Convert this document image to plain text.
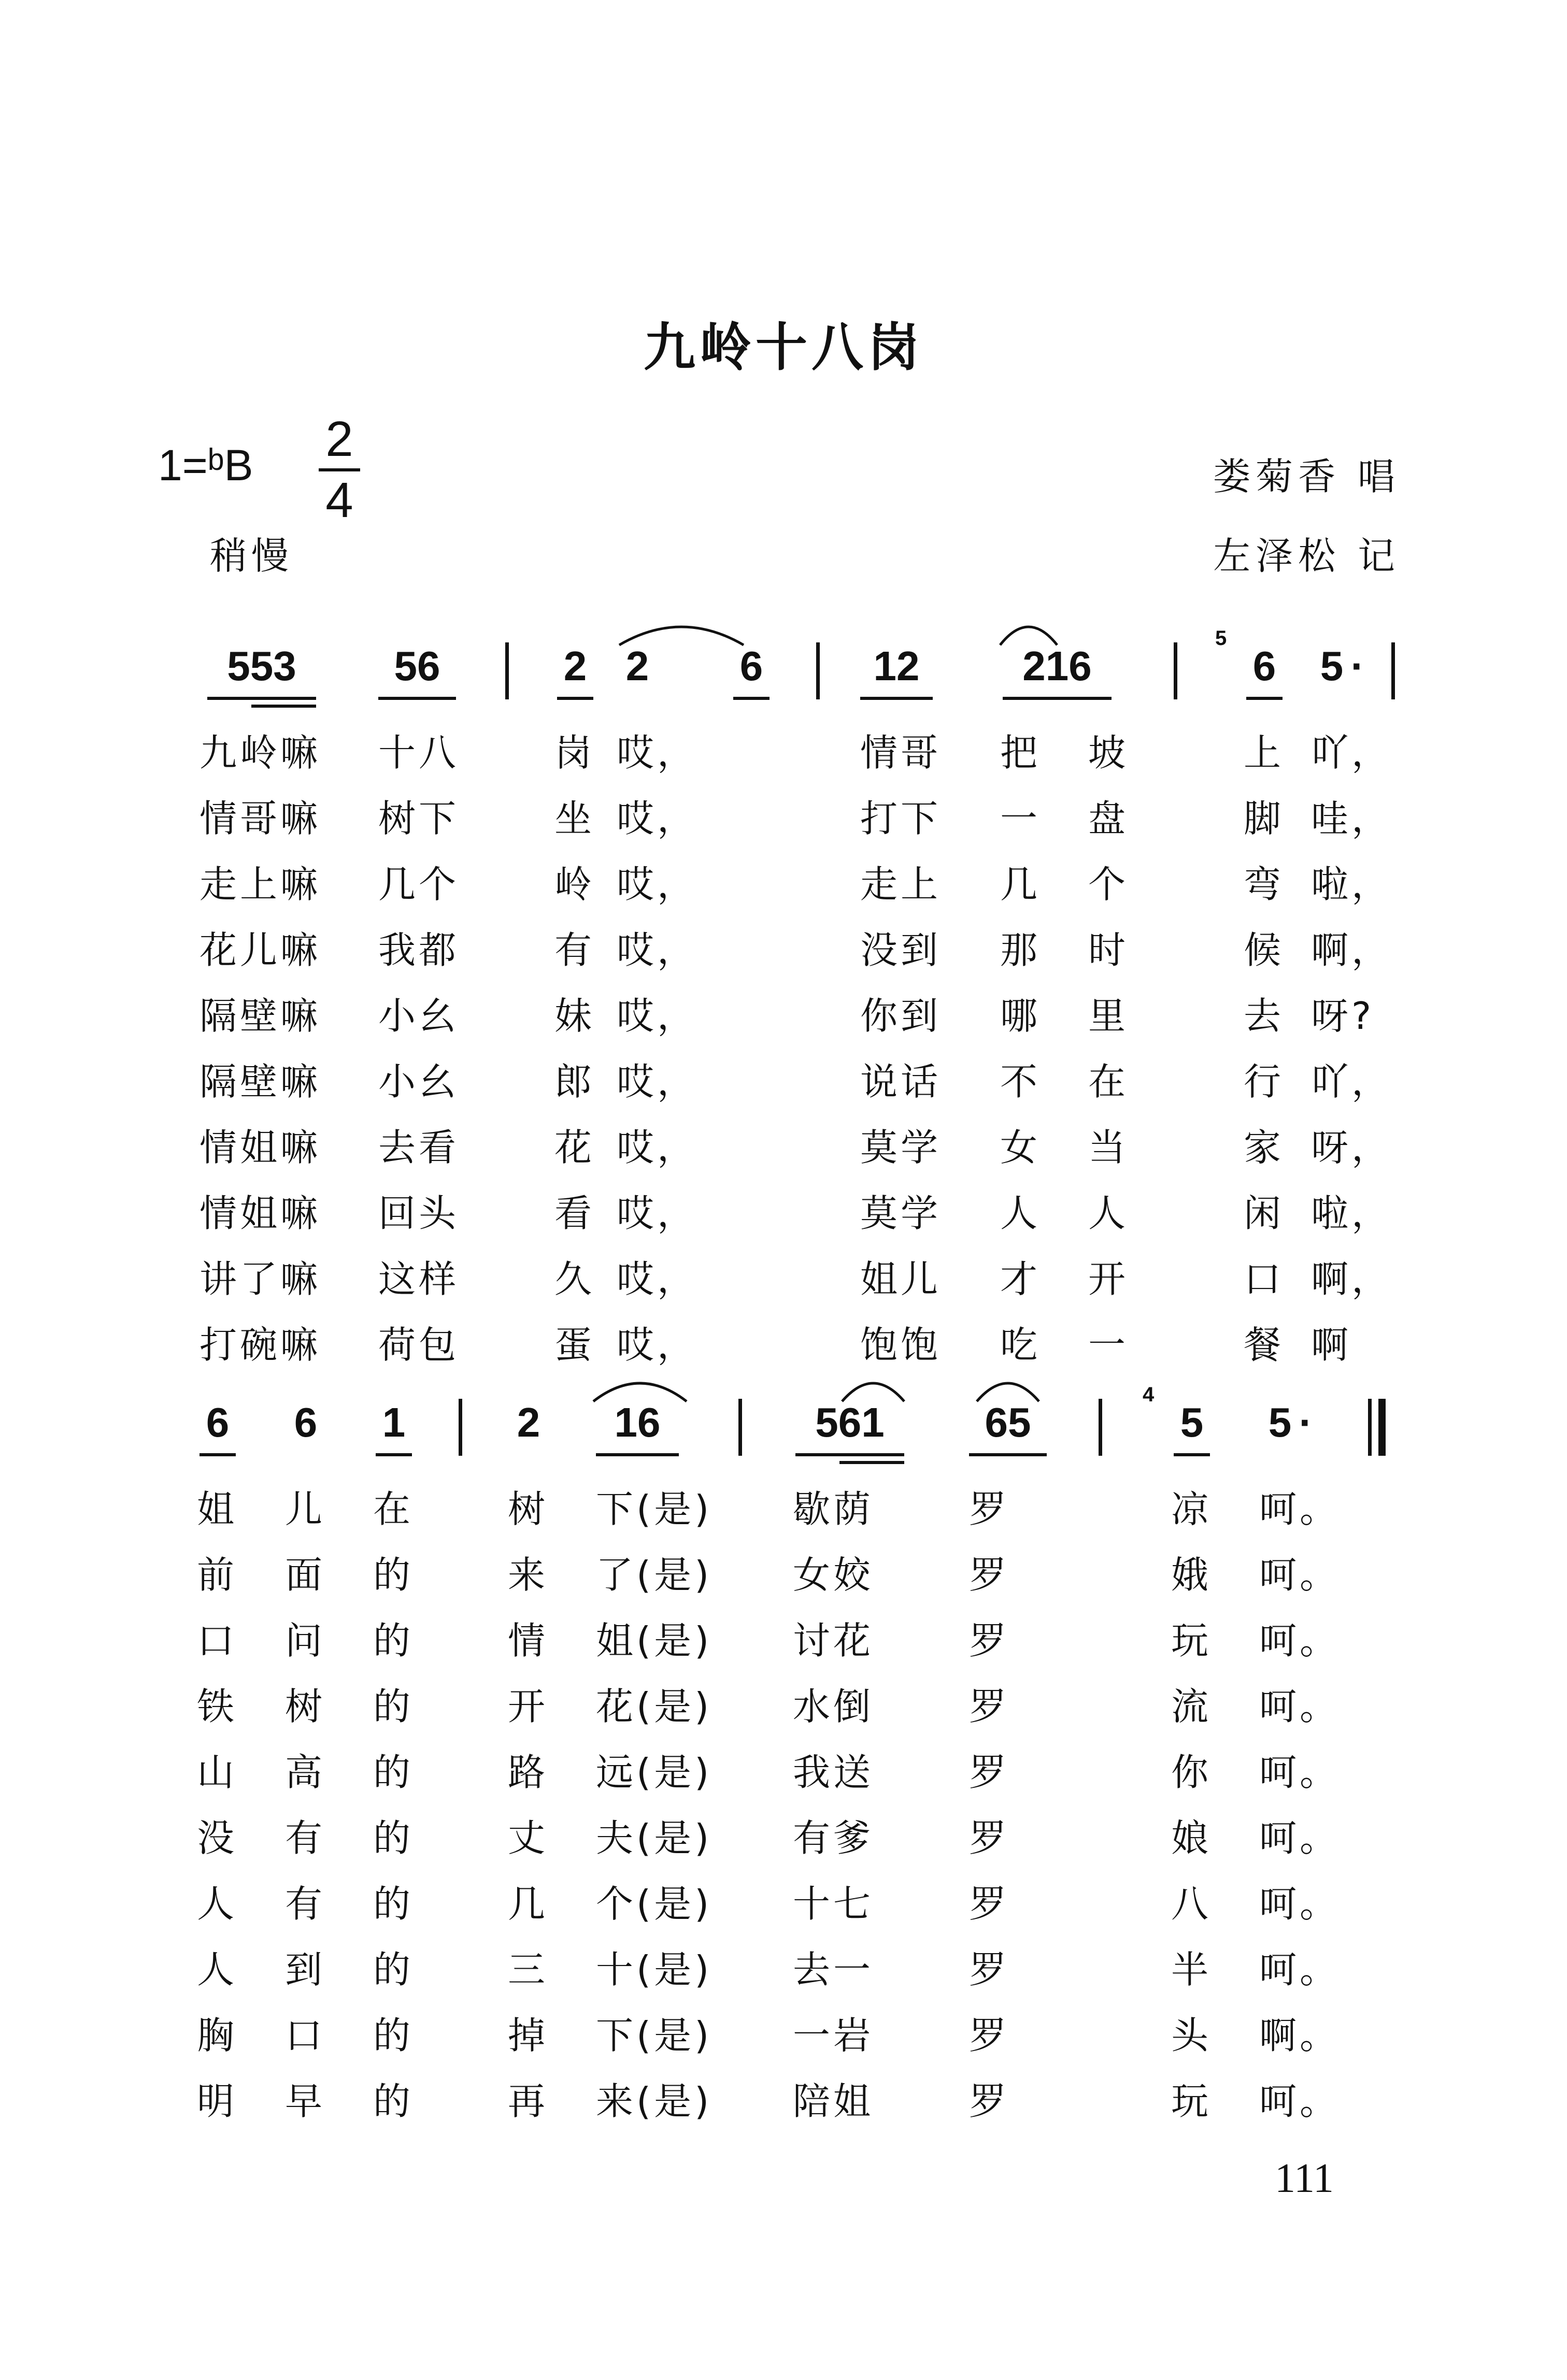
九岭十八岗
1=ᵇB 2
4
稍慢
娄菊香 唱
左泽松 记
553	56	2 2 6	12	216	6 5 ·
5
九岭嘛 十八	岗 哎，	情哥 把 坡	上 吖，
情哥嘛 树下	坐 哎，	打下 一 盘	脚 哇，
走上嘛 几个	岭 哎，	走上 几 个	弯 啦，
花儿嘛 我都	有 哎，	没到 那 时	候 啊，
隔壁嘛 小幺	妹 哎，	你到 哪 里	去 呀?
隔壁嘛 小幺	郎 哎，	说话 不 在	行 吖，
情姐嘛 去看	花 哎，	莫学 女 当	家 呀，
情姐嘛 回头	看 哎，	莫学 人 人	闲 啦，
讲了嘛 这样	久 哎，	姐儿 才 开	口 啊，
打碗嘛 荷包	蛋 哎，	饱饱 吃 一	餐 啊
6 6 1	2	16	561	65	5 5 ·
4
姐 儿 在	树 下(是) 歇荫	罗	凉 呵。
前 面 的	来 了(是) 女姣	罗	娥 呵。
口 问 的	情 姐(是) 讨花	罗	玩 呵。
铁 树 的	开 花(是) 水倒	罗	流 呵。
山 高 的	路 远(是) 我送	罗	你 呵。
没 有 的	丈 夫(是) 有爹	罗	娘 呵。
人 有 的	几 个(是) 十七	罗	八 呵。
人 到 的	三 十(是) 去一	罗	半 呵。
胸 口 的	掉 下(是) 一岩	罗	头 啊。
明 早 的	再 来(是) 陪姐	罗	玩 呵。
111
